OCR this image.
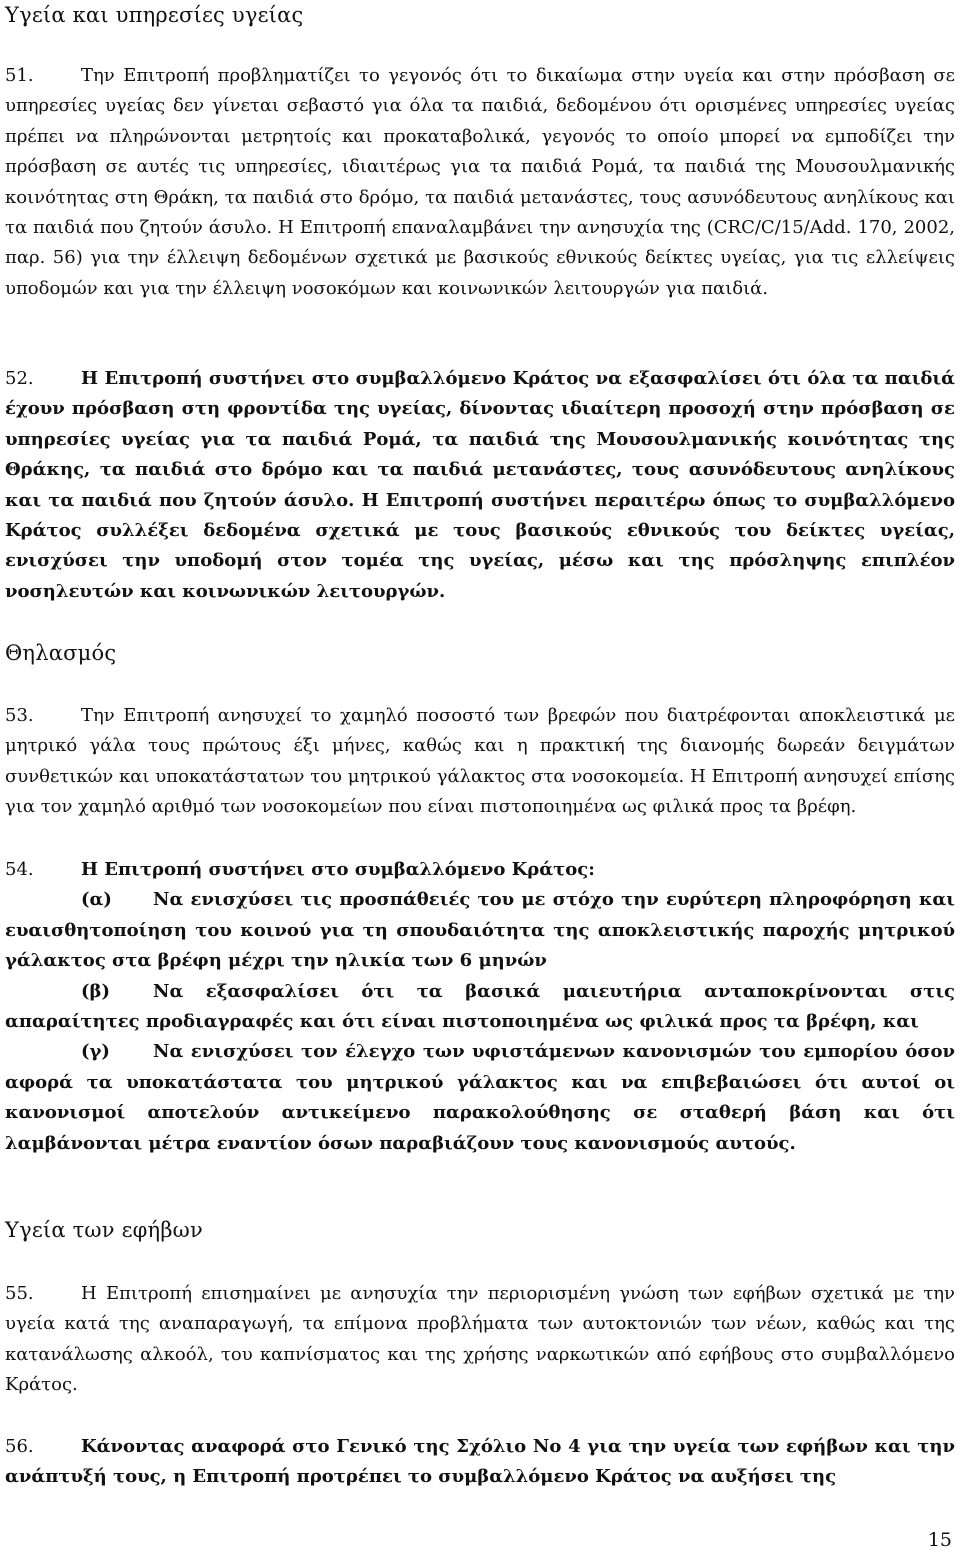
Υγεία και υπηρεσίες υγείας

51.	Την Επιτροπή προβληματίζει το γεγονός ότι το δικαίωμα στην υγεία και στην πρόσβαση σε υπηρεσίες υγείας δεν γίνεται σεβαστό για όλα τα παιδιά, δεδομένου ότι ορισμένες υπηρεσίες υγείας πρέπει να πληρώνονται μετρητοίς και προκαταβολικά, γεγονός το οποίο μπορεί να εμποδίζει την πρόσβαση σε αυτές τις υπηρεσίες, ιδιαιτέρως για τα παιδιά Ρομά, τα παιδιά της Μουσουλμανικής κοινότητας στη Θράκη, τα παιδιά στο δρόμο, τα παιδιά μετανάστες, τους ασυνόδευτους ανηλίκους και τα παιδιά που ζητούν άσυλο. Η Επιτροπή επαναλαμβάνει την ανησυχία της (CRC/C/15/Add. 170, 2002, παρ. 56) για την έλλειψη δεδομένων σχετικά με βασικούς εθνικούς δείκτες υγείας, για τις ελλείψεις υποδομών και για την έλλειψη νοσοκόμων και κοινωνικών λειτουργών για παιδιά.

52.	Η Επιτροπή συστήνει στο συμβαλλόμενο Κράτος να εξασφαλίσει ότι όλα τα παιδιά έχουν πρόσβαση στη φροντίδα της υγείας, δίνοντας ιδιαίτερη προσοχή στην πρόσβαση σε υπηρεσίες υγείας για τα παιδιά Ρομά, τα παιδιά της Μουσουλμανικής κοινότητας της Θράκης, τα παιδιά στο δρόμο και τα παιδιά μετανάστες, τους ασυνόδευτους ανηλίκους και τα παιδιά που ζητούν άσυλο. Η Επιτροπή συστήνει περαιτέρω όπως το συμβαλλόμενο Κράτος συλλέξει δεδομένα σχετικά με τους βασικούς εθνικούς του δείκτες υγείας, ενισχύσει την υποδομή στον τομέα της υγείας, μέσω και της πρόσληψης επιπλέον νοσηλευτών και κοινωνικών λειτουργών.

Θηλασμός

53.	Την Επιτροπή ανησυχεί το χαμηλό ποσοστό των βρεφών που διατρέφονται αποκλειστικά με μητρικό γάλα τους πρώτους έξι μήνες, καθώς και η πρακτική της διανομής δωρεάν δειγμάτων συνθετικών και υποκατάστατων του μητρικού γάλακτος στα νοσοκομεία. Η Επιτροπή ανησυχεί επίσης για τον χαμηλό αριθμό των νοσοκομείων που είναι πιστοποιημένα ως φιλικά προς τα βρέφη.

54.	Η Επιτροπή συστήνει στο συμβαλλόμενο Κράτος:

(α) Να ενισχύσει τις προσπάθειές του με στόχο την ευρύτερη πληροφόρηση και ευαισθητοποίηση του κοινού για τη σπουδαιότητα της αποκλειστικής παροχής μητρικού γάλακτος στα βρέφη μέχρι την ηλικία των 6 μηνών

(β) Να εξασφαλίσει ότι τα βασικά μαιευτήρια ανταποκρίνονται στις απαραίτητες προδιαγραφές και ότι είναι πιστοποιημένα ως φιλικά προς τα βρέφη, και

(γ) Να ενισχύσει τον έλεγχο των υφιστάμενων κανονισμών του εμπορίου όσον αφορά τα υποκατάστατα του μητρικού γάλακτος και να επιβεβαιώσει ότι αυτοί οι κανονισμοί αποτελούν αντικείμενο παρακολούθησης σε σταθερή βάση και ότι λαμβάνονται μέτρα εναντίον όσων παραβιάζουν τους κανονισμούς αυτούς.

Υγεία των εφήβων

55.	Η Επιτροπή επισημαίνει με ανησυχία την περιορισμένη γνώση των εφήβων σχετικά με την υγεία κατά της αναπαραγωγή, τα επίμονα προβλήματα των αυτοκτονιών των νέων, καθώς και της κατανάλωσης αλκοόλ, του καπνίσματος και της χρήσης ναρκωτικών από εφήβους στο συμβαλλόμενο Κράτος.

56.	Κάνοντας αναφορά στο Γενικό της Σχόλιο Νο 4 για την υγεία των εφήβων και την ανάπτυξή τους, η Επιτροπή προτρέπει το συμβαλλόμενο Κράτος να αυξήσει της

15
